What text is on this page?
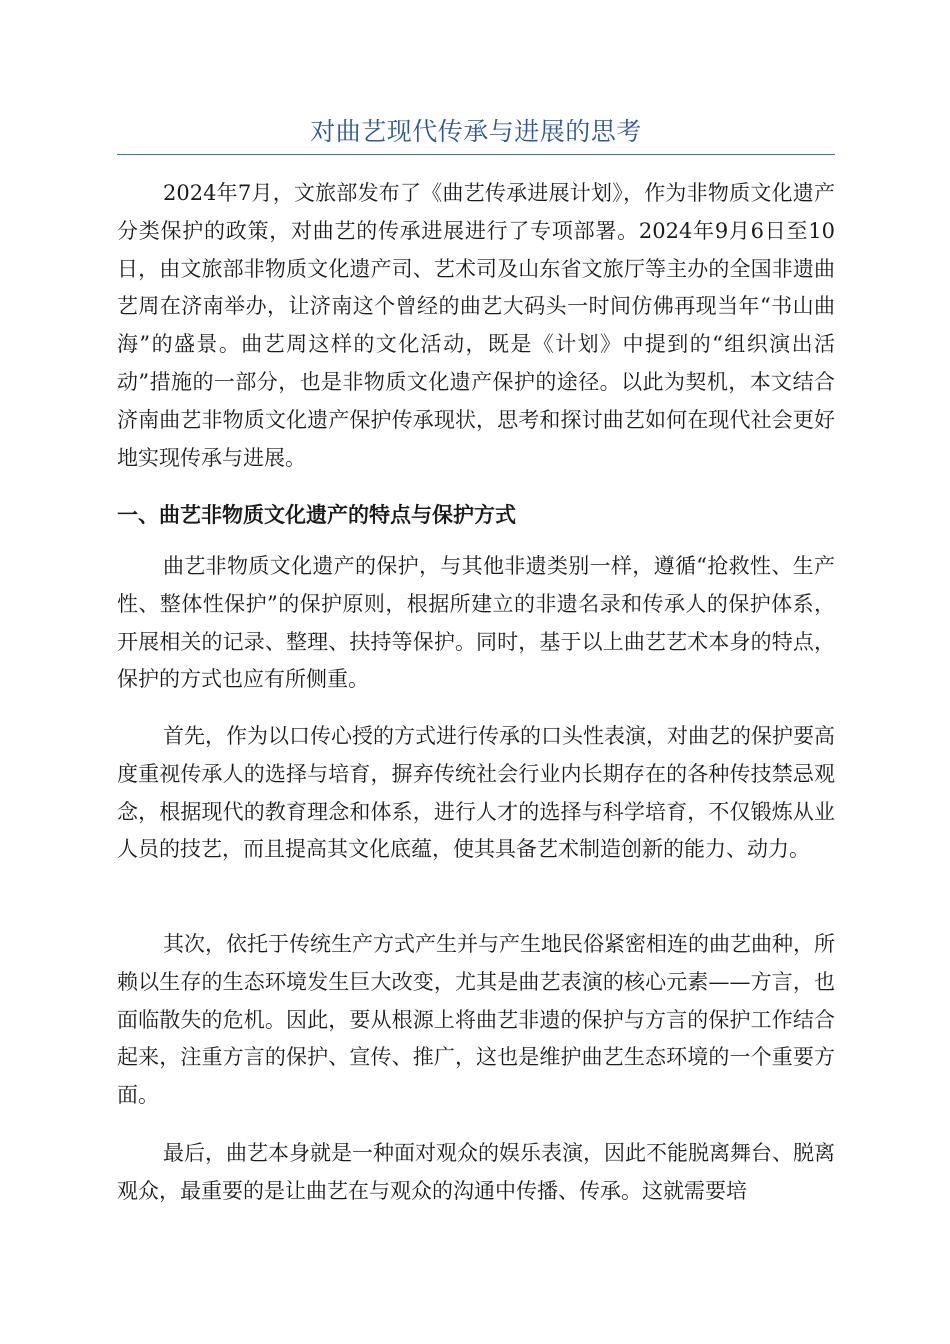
对曲艺现代传承与进展的思考

2024年7月，文旅部发布了《曲艺传承进展计划》，作为非物质文化遗产分类保护的政策，对曲艺的传承进展进行了专项部署。2024年9月6日至10日，由文旅部非物质文化遗产司、艺术司及山东省文旅厅等主办的全国非遗曲艺周在济南举办，让济南这个曾经的曲艺大码头一时间仿佛再现当年“书山曲海”的盛景。曲艺周这样的文化活动，既是《计划》中提到的“组织演出活动”措施的一部分，也是非物质文化遗产保护的途径。以此为契机，本文结合济南曲艺非物质文化遗产保护传承现状，思考和探讨曲艺如何在现代社会更好地实现传承与进展。

一、曲艺非物质文化遗产的特点与保护方式

曲艺非物质文化遗产的保护，与其他非遗类别一样，遵循“抢救性、生产性、整体性保护”的保护原则，根据所建立的非遗名录和传承人的保护体系，开展相关的记录、整理、扶持等保护。同时，基于以上曲艺艺术本身的特点，保护的方式也应有所侧重。

首先，作为以口传心授的方式进行传承的口头性表演，对曲艺的保护要高度重视传承人的选择与培育，摒弃传统社会行业内长期存在的各种传技禁忌观念，根据现代的教育理念和体系，进行人才的选择与科学培育，不仅锻炼从业人员的技艺，而且提高其文化底蕴，使其具备艺术制造创新的能力、动力。

其次，依托于传统生产方式产生并与产生地民俗紧密相连的曲艺曲种，所赖以生存的生态环境发生巨大改变，尤其是曲艺表演的核心元素——方言，也面临散失的危机。因此，要从根源上将曲艺非遗的保护与方言的保护工作结合起来，注重方言的保护、宣传、推广，这也是维护曲艺生态环境的一个重要方面。

最后，曲艺本身就是一种面对观众的娱乐表演，因此不能脱离舞台、脱离观众，最重要的是让曲艺在与观众的沟通中传播、传承。这就需要培
